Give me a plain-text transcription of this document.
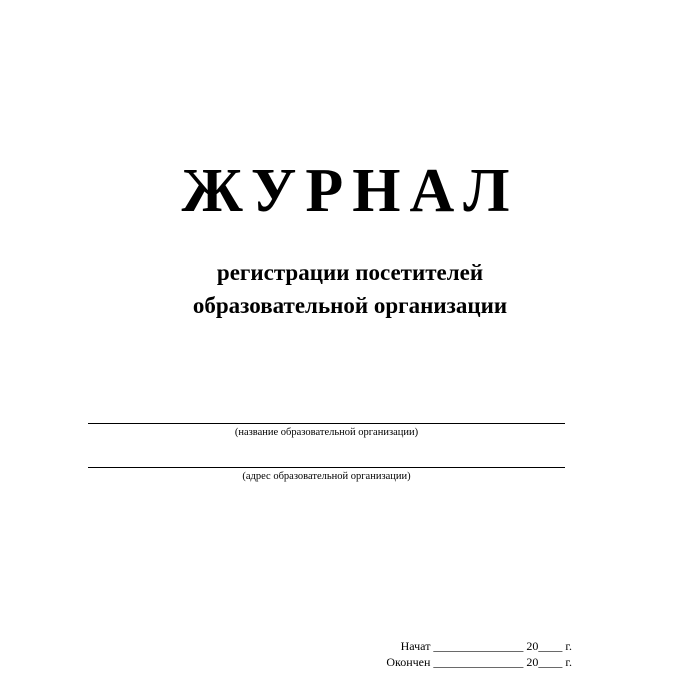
ЖУРНАЛ
регистрации посетителей
образовательной организации
(название образовательной организации)
(адрес образовательной организации)
Начат _______________ 20____ г.
Окончен _______________ 20____ г.
